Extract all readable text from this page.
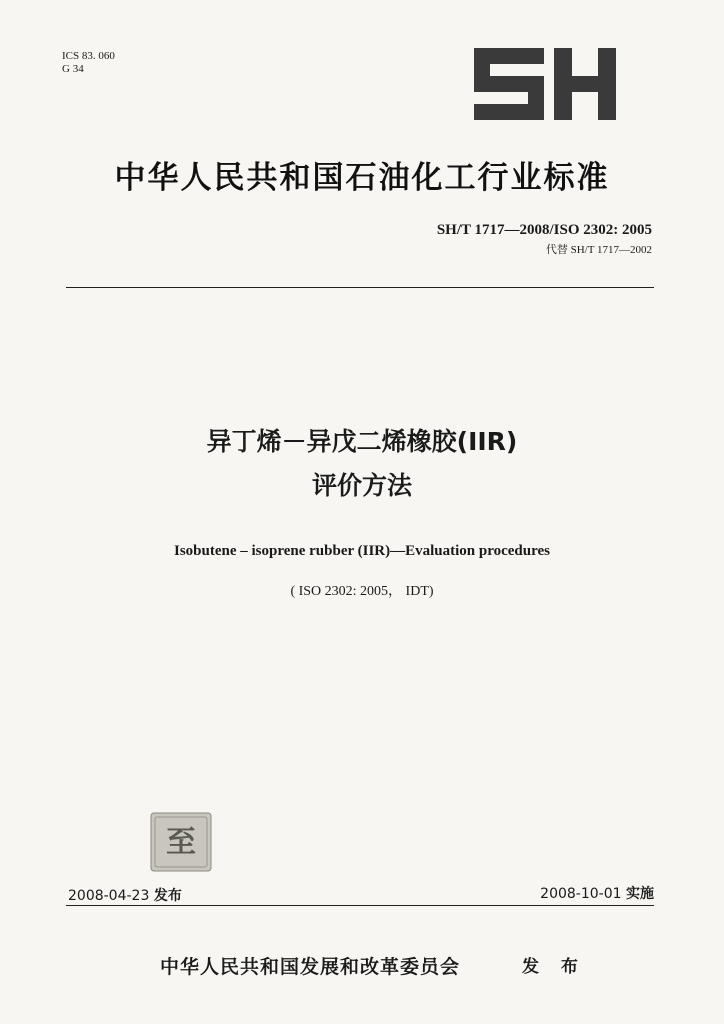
ICS 83. 060
G 34
中华人民共和国石油化工行业标准
SH/T 1717—2008/ISO 2302: 2005
代替 SH/T 1717—2002
异丁烯－异戊二烯橡胶(IIR)
评价方法
Isobutene – isoprene rubber (IIR)—Evaluation procedures
( ISO 2302: 2005， IDT)
至
2008-04-23 发布	2008-10-01 实施
中华人民共和国发展和改革委员会	发 布
